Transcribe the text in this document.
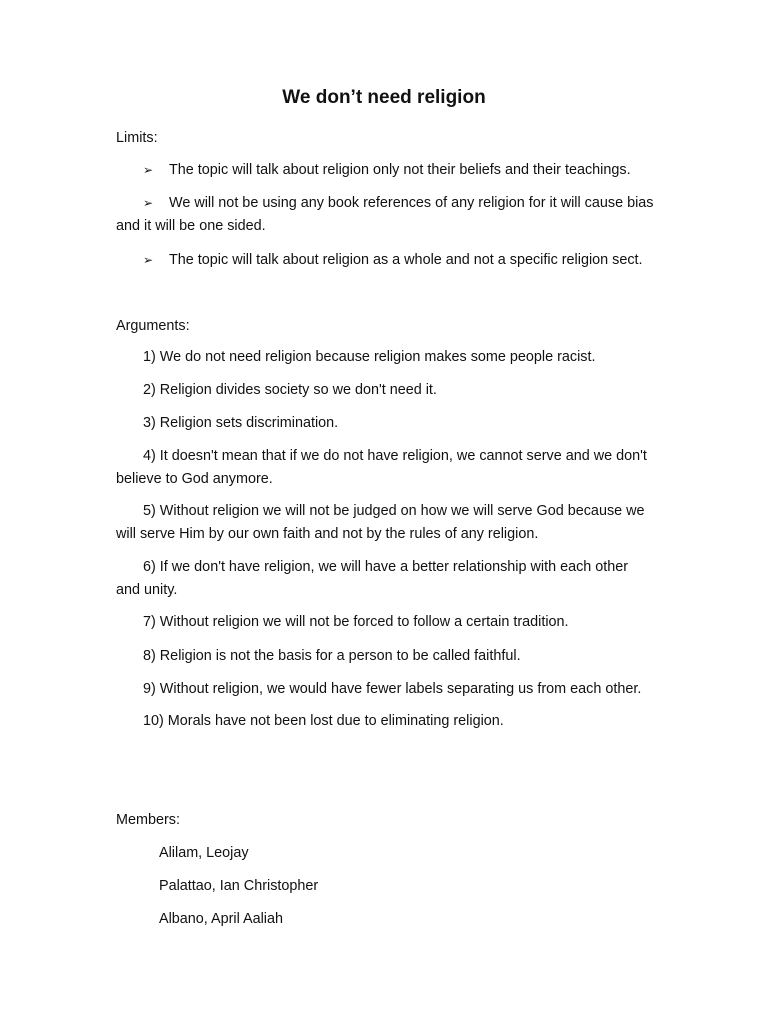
We don’t need religion
Limits:
➢ The topic will talk about religion only not their beliefs and their teachings.
➢ We will not be using any book references of any religion for it will cause bias and it will be one sided.
➢ The topic will talk about religion as a whole and not a specific religion sect.
Arguments:
1) We do not need religion because religion makes some people racist.
2) Religion divides society so we don't need it.
3) Religion sets discrimination.
4) It doesn't mean that if we do not have religion, we cannot serve and we don't believe to God anymore.
5) Without religion we will not be judged on how we will serve God because we will serve Him by our own faith and not by the rules of any religion.
6) If we don't have religion, we will have a better relationship with each other and unity.
7) Without religion we will not be forced to follow a certain tradition.
8) Religion is not the basis for a person to be called faithful.
9) Without religion, we would have fewer labels separating us from each other.
10) Morals have not been lost due to eliminating religion.
Members:
Alilam, Leojay
Palattao, Ian Christopher
Albano, April Aaliah
